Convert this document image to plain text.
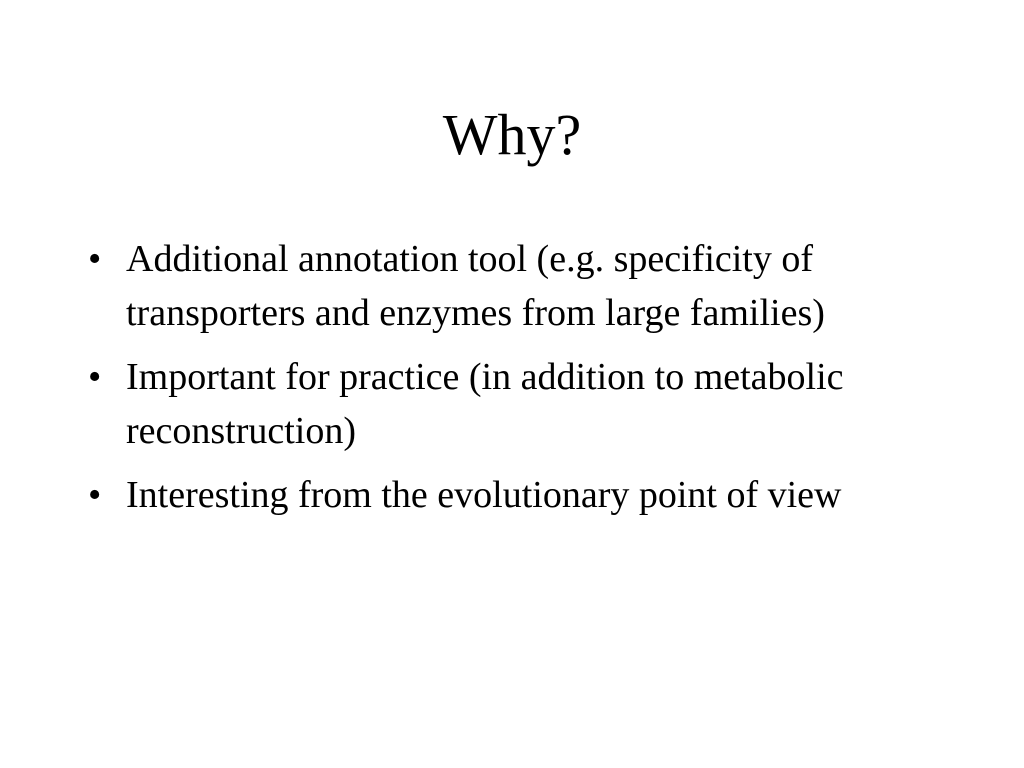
Why?
• Additional annotation tool (e.g. specificity of transporters and enzymes from large families)
• Important for practice (in addition to metabolic reconstruction)
• Interesting from the evolutionary point of view
